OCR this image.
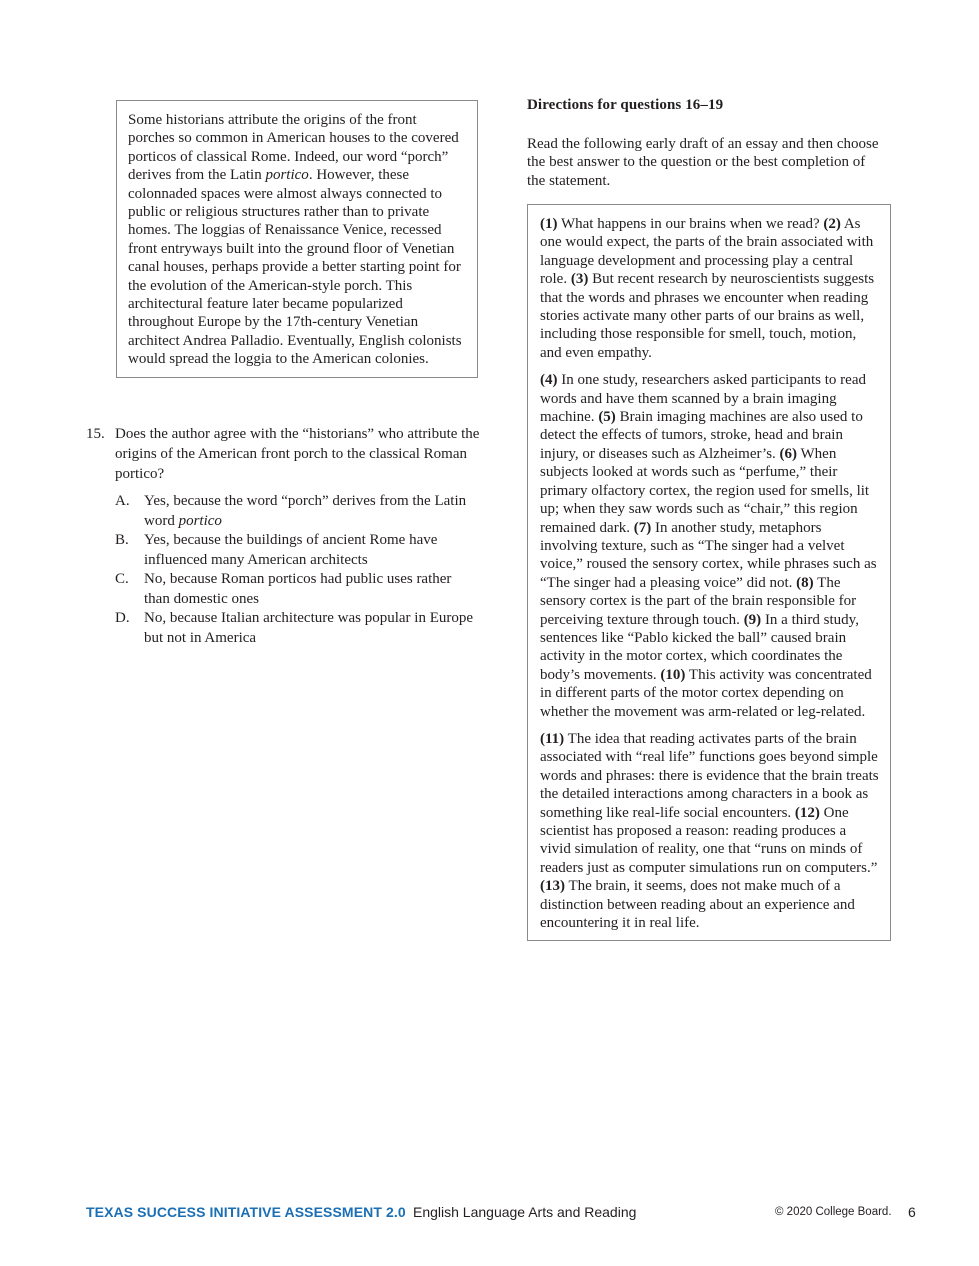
Some historians attribute the origins of the front porches so common in American houses to the covered porticos of classical Rome. Indeed, our word “porch” derives from the Latin portico. However, these colonnaded spaces were almost always connected to public or religious structures rather than to private homes. The loggias of Renaissance Venice, recessed front entryways built into the ground floor of Venetian canal houses, perhaps provide a better starting point for the evolution of the American-style porch. This architectural feature later became popularized throughout Europe by the 17th-century Venetian architect Andrea Palladio. Eventually, English colonists would spread the loggia to the American colonies.
15. Does the author agree with the “historians” who attribute the origins of the American front porch to the classical Roman portico?
A. Yes, because the word “porch” derives from the Latin word portico
B.	Yes, because the buildings of ancient Rome have influenced many American architects
C.	No, because Roman porticos had public uses rather than domestic ones
D. No, because Italian architecture was popular in Europe but not in America
Directions for questions 16–19
Read the following early draft of an essay and then choose the best answer to the question or the best completion of the statement.

(1) What happens in our brains when we read? (2) As one would expect, the parts of the brain associated with language development and processing play a central role. (3) But recent research by neuroscientists suggests that the words and phrases we encounter when reading stories activate many other parts of our brains as well, including those responsible for smell, touch, motion, and even empathy.

(4) In one study, researchers asked participants to read words and have them scanned by a brain imaging machine. (5) Brain imaging machines are also used to detect the effects of tumors, stroke, head and brain injury, or diseases such as Alzheimer’s. (6) When subjects looked at words such as “perfume,” their primary olfactory cortex, the region used for smells, lit up; when they saw words such as “chair,” this region remained dark. (7) In another study, metaphors involving texture, such as “The singer had a velvet voice,” roused the sensory cortex, while phrases such as “The singer had a pleasing voice” did not. (8) The sensory cortex is the part of the brain responsible for perceiving texture through touch. (9) In a third study, sentences like “Pablo kicked the ball” caused brain activity in the motor cortex, which coordinates the body’s movements. (10) This activity was concentrated in different parts of the motor cortex depending on whether the movement was arm-related or leg-related.

(11) The idea that reading activates parts of the brain associated with “real life” functions goes beyond simple words and phrases: there is evidence that the brain treats the detailed interactions among characters in a book as something like real-life social encounters. (12) One scientist has proposed a reason: reading produces a vivid simulation of reality, one that “runs on minds of readers just as computer simulations run on computers.” (13) The brain, it seems, does not make much of a distinction between reading about an experience and encountering it in real life.

TEXAS SUCCESS INITIATIVE ASSESSMENT 2.0 English Language Arts and Reading	© 2020 College Board. 6
